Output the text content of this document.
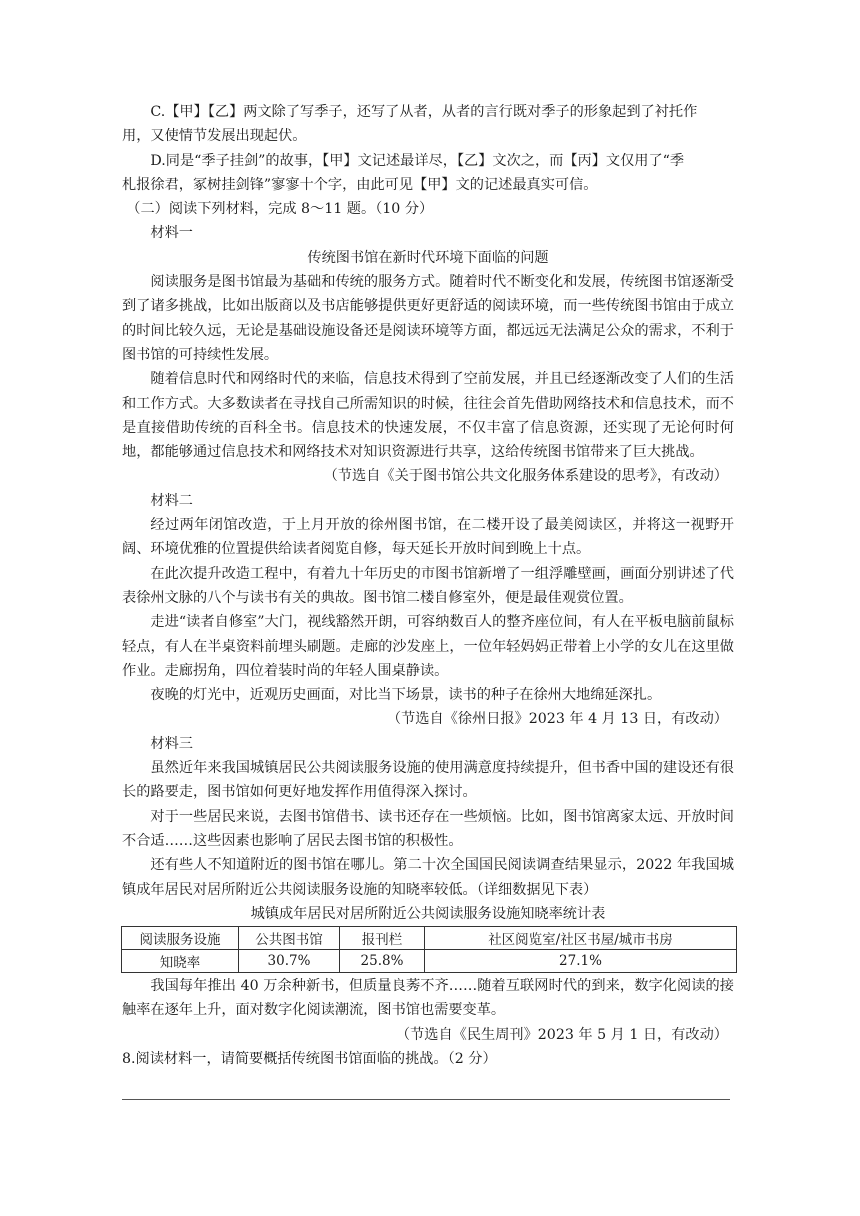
C.【甲】【乙】两文除了写季子，还写了从者，从者的言行既对季子的形象起到了衬托作

用，又使情节发展出现起伏。

D.同是“季子挂剑”的故事，【甲】文记述最详尽，【乙】文次之，而【丙】文仅用了“季

札报徐君，冢树挂剑锋”寥寥十个字，由此可见【甲】文的记述最真实可信。

（二）阅读下列材料，完成 8～11 题。（10 分）

材料一

传统图书馆在新时代环境下面临的问题

阅读服务是图书馆最为基础和传统的服务方式。随着时代不断变化和发展，传统图书馆逐渐受到了诸多挑战，比如出版商以及书店能够提供更好更舒适的阅读环境，而一些传统图书馆由于成立的时间比较久远，无论是基础设施设备还是阅读环境等方面，都远远无法满足公众的需求，不利于图书馆的可持续性发展。

随着信息时代和网络时代的来临，信息技术得到了空前发展，并且已经逐渐改变了人们的生活和工作方式。大多数读者在寻找自己所需知识的时候，往往会首先借助网络技术和信息技术，而不是直接借助传统的百科全书。信息技术的快速发展，不仅丰富了信息资源，还实现了无论何时何地，都能够通过信息技术和网络技术对知识资源进行共享，这给传统图书馆带来了巨大挑战。

（节选自《关于图书馆公共文化服务体系建设的思考》，有改动）

材料二

经过两年闭馆改造，于上月开放的徐州图书馆，在二楼开设了最美阅读区，并将这一视野开阔、环境优雅的位置提供给读者阅览自修，每天延长开放时间到晚上十点。

在此次提升改造工程中，有着九十年历史的市图书馆新增了一组浮雕壁画，画面分别讲述了代表徐州文脉的八个与读书有关的典故。图书馆二楼自修室外，便是最佳观赏位置。

走进“读者自修室”大门，视线豁然开朗，可容纳数百人的整齐座位间，有人在平板电脑前鼠标轻点，有人在半桌资料前埋头刷题。走廊的沙发座上，一位年轻妈妈正带着上小学的女儿在这里做作业。走廊拐角，四位着装时尚的年轻人围桌静读。

夜晚的灯光中，近观历史画面，对比当下场景，读书的种子在徐州大地绵延深扎。

（节选自《徐州日报》2023 年 4 月 13 日，有改动）

材料三

虽然近年来我国城镇居民公共阅读服务设施的使用满意度持续提升，但书香中国的建设还有很长的路要走，图书馆如何更好地发挥作用值得深入探讨。

对于一些居民来说，去图书馆借书、读书还存在一些烦恼。比如，图书馆离家太远、开放时间不合适……这些因素也影响了居民去图书馆的积极性。

还有些人不知道附近的图书馆在哪儿。第二十次全国国民阅读调查结果显示，2022 年我国城镇成年居民对居所附近公共阅读服务设施的知晓率较低。（详细数据见下表）

城镇成年居民对居所附近公共阅读服务设施知晓率统计表

阅读服务设施	公共图书馆	报刊栏	社区阅览室/社区书屋/城市书房
知晓率	30.7%	25.8%	27.1%

我国每年推出 40 万余种新书，但质量良莠不齐……随着互联网时代的到来，数字化阅读的接触率在逐年上升，面对数字化阅读潮流，图书馆也需要变革。

（节选自《民生周刊》2023 年 5 月 1 日，有改动）

8.阅读材料一，请简要概括传统图书馆面临的挑战。（2 分）
